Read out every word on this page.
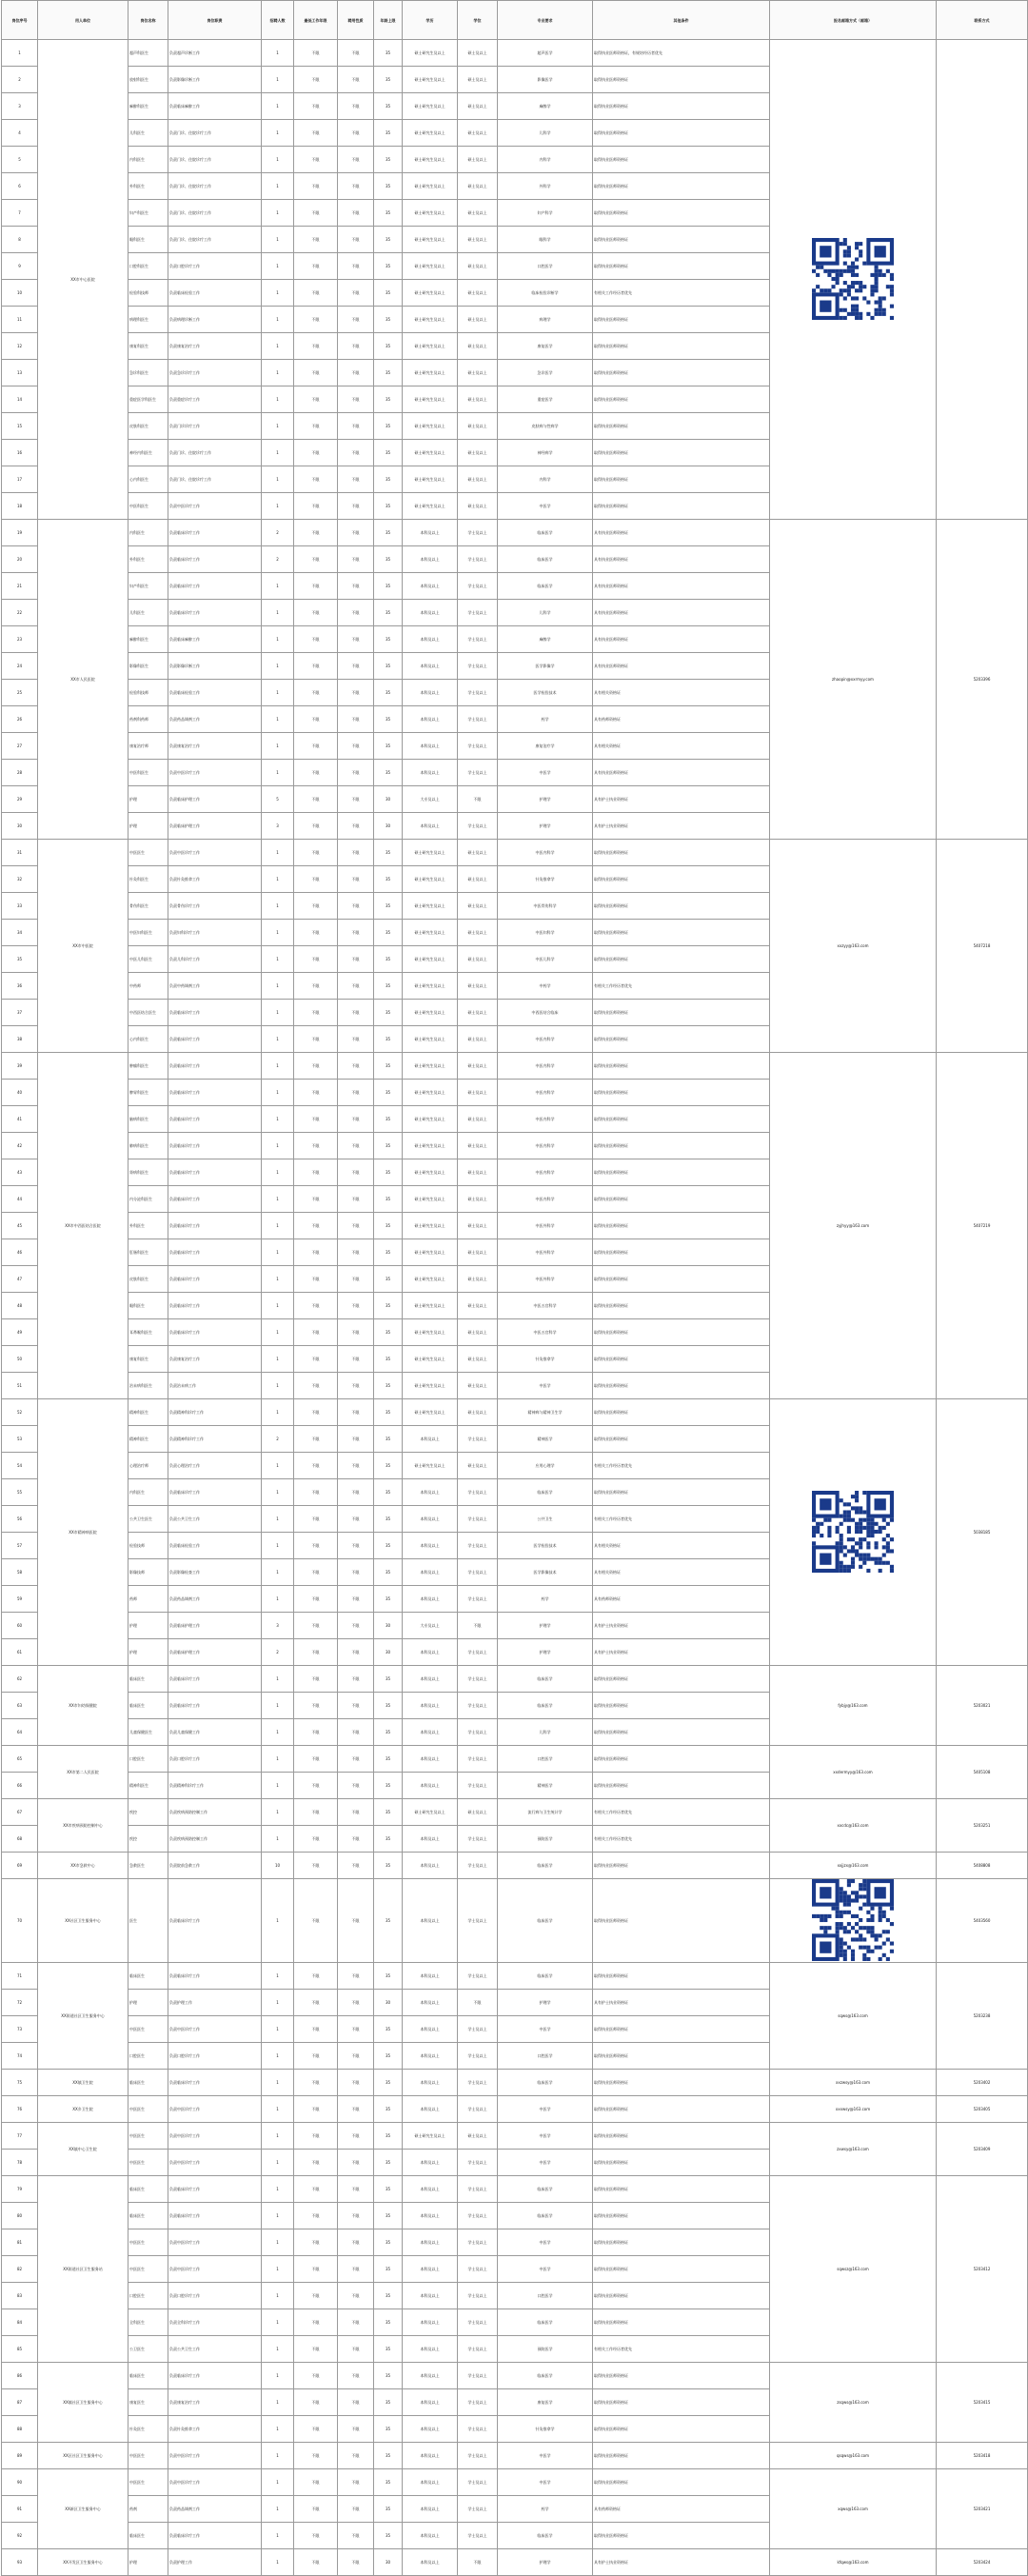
岗位序号	用人单位	岗位名称	岗位职责	招聘人数	最低工作年限	聘用性质	年龄上限	学历	学位	专业要求	其他条件	报名邮箱方式（邮箱）	联系方式
1	XX市中心医院	超声科医生	负责超声诊断工作	1	不限	不限	35	硕士研究生及以上	硕士及以上	超声医学	取得执业医师资格证，有规培经历者优先		
2		放射科医生	负责影像诊断工作	1	不限	不限	35	硕士研究生及以上	硕士及以上	影像医学	取得执业医师资格证		
3		麻醉科医生	负责临床麻醉工作	1	不限	不限	35	硕士研究生及以上	硕士及以上	麻醉学	取得执业医师资格证		
4		儿科医生	负责门诊、住院诊疗工作	1	不限	不限	35	硕士研究生及以上	硕士及以上	儿科学	取得执业医师资格证		
5		内科医生	负责门诊、住院诊疗工作	1	不限	不限	35	硕士研究生及以上	硕士及以上	内科学	取得执业医师资格证		
6		外科医生	负责门诊、住院诊疗工作	1	不限	不限	35	硕士研究生及以上	硕士及以上	外科学	取得执业医师资格证		
7		妇产科医生	负责门诊、住院诊疗工作	1	不限	不限	35	硕士研究生及以上	硕士及以上	妇产科学	取得执业医师资格证		
8		眼科医生	负责门诊、住院诊疗工作	1	不限	不限	35	硕士研究生及以上	硕士及以上	眼科学	取得执业医师资格证		
9		口腔科医生	负责口腔诊疗工作	1	不限	不限	35	硕士研究生及以上	硕士及以上	口腔医学	取得执业医师资格证		
10		检验科技师	负责临床检验工作	1	不限	不限	35	硕士研究生及以上	硕士及以上	临床检验诊断学	有相关工作经历者优先		
11		病理科医生	负责病理诊断工作	1	不限	不限	35	硕士研究生及以上	硕士及以上	病理学	取得执业医师资格证		
12		康复科医生	负责康复治疗工作	1	不限	不限	35	硕士研究生及以上	硕士及以上	康复医学	取得执业医师资格证		
13		急诊科医生	负责急诊诊疗工作	1	不限	不限	35	硕士研究生及以上	硕士及以上	急诊医学	取得执业医师资格证		
14		重症医学科医生	负责重症诊疗工作	1	不限	不限	35	硕士研究生及以上	硕士及以上	重症医学	取得执业医师资格证		
15		皮肤科医生	负责门诊诊疗工作	1	不限	不限	35	硕士研究生及以上	硕士及以上	皮肤病与性病学	取得执业医师资格证		
16		神经内科医生	负责门诊、住院诊疗工作	1	不限	不限	35	硕士研究生及以上	硕士及以上	神经病学	取得执业医师资格证		
17		心内科医生	负责门诊、住院诊疗工作	1	不限	不限	35	硕士研究生及以上	硕士及以上	内科学	取得执业医师资格证		
18		中医科医生	负责中医诊疗工作	1	不限	不限	35	硕士研究生及以上	硕士及以上	中医学	取得执业医师资格证		
19	XX市人民医院	内科医生	负责临床诊疗工作	2	不限	不限	35	本科及以上	学士及以上	临床医学	具有执业医师资格证	zhaopin@xxrmyy.com	5203396
20		外科医生	负责临床诊疗工作	2	不限	不限	35	本科及以上	学士及以上	临床医学	具有执业医师资格证		
21		妇产科医生	负责临床诊疗工作	1	不限	不限	35	本科及以上	学士及以上	临床医学	具有执业医师资格证		
22		儿科医生	负责临床诊疗工作	1	不限	不限	35	本科及以上	学士及以上	儿科学	具有执业医师资格证		
23		麻醉科医生	负责临床麻醉工作	1	不限	不限	35	本科及以上	学士及以上	麻醉学	具有执业医师资格证		
24		影像科医生	负责影像诊断工作	1	不限	不限	35	本科及以上	学士及以上	医学影像学	具有执业医师资格证		
25		检验科技师	负责临床检验工作	1	不限	不限	35	本科及以上	学士及以上	医学检验技术	具有相关资格证		
26		药剂科药师	负责药品调剂工作	1	不限	不限	35	本科及以上	学士及以上	药学	具有药师资格证		
27		康复治疗师	负责康复治疗工作	1	不限	不限	35	本科及以上	学士及以上	康复治疗学	具有相关资格证		
28		中医科医生	负责中医诊疗工作	1	不限	不限	35	本科及以上	学士及以上	中医学	具有执业医师资格证		
29		护理	负责临床护理工作	5	不限	不限	30	大专及以上	不限	护理学	具有护士执业资格证		
30		护理	负责临床护理工作	3	不限	不限	30	本科及以上	学士及以上	护理学	具有护士执业资格证		
31	XX市中医院	中医医生	负责中医诊疗工作	1	不限	不限	35	硕士研究生及以上	硕士及以上	中医内科学	取得执业医师资格证	xxzyy@163.com	5407218
32		针灸科医生	负责针灸推拿工作	1	不限	不限	35	硕士研究生及以上	硕士及以上	针灸推拿学	取得执业医师资格证		
33		骨伤科医生	负责骨伤诊疗工作	1	不限	不限	35	硕士研究生及以上	硕士及以上	中医骨伤科学	取得执业医师资格证		
34		中医妇科医生	负责妇科诊疗工作	1	不限	不限	35	硕士研究生及以上	硕士及以上	中医妇科学	取得执业医师资格证		
35		中医儿科医生	负责儿科诊疗工作	1	不限	不限	35	硕士研究生及以上	硕士及以上	中医儿科学	取得执业医师资格证		
36		中药师	负责中药调剂工作	1	不限	不限	35	硕士研究生及以上	硕士及以上	中药学	有相关工作经历者优先		
37		中西医结合医生	负责临床诊疗工作	1	不限	不限	35	硕士研究生及以上	硕士及以上	中西医结合临床	取得执业医师资格证		
38		心内科医生	负责临床诊疗工作	1	不限	不限	35	硕士研究生及以上	硕士及以上	中医内科学	取得执业医师资格证		
39	XX市中西医结合医院	肿瘤科医生	负责临床诊疗工作	1	不限	不限	35	硕士研究生及以上	硕士及以上	中医内科学	取得执业医师资格证	zyjhyy@163.com	5407219
40		脾胃科医生	负责临床诊疗工作	1	不限	不限	35	硕士研究生及以上	硕士及以上	中医内科学	取得执业医师资格证		
41		脑病科医生	负责临床诊疗工作	1	不限	不限	35	硕士研究生及以上	硕士及以上	中医内科学	取得执业医师资格证		
42		肺病科医生	负责临床诊疗工作	1	不限	不限	35	硕士研究生及以上	硕士及以上	中医内科学	取得执业医师资格证		
43		肾病科医生	负责临床诊疗工作	1	不限	不限	35	硕士研究生及以上	硕士及以上	中医内科学	取得执业医师资格证		
44		内分泌科医生	负责临床诊疗工作	1	不限	不限	35	硕士研究生及以上	硕士及以上	中医内科学	取得执业医师资格证		
45		外科医生	负责临床诊疗工作	1	不限	不限	35	硕士研究生及以上	硕士及以上	中医外科学	取得执业医师资格证		
46		肛肠科医生	负责临床诊疗工作	1	不限	不限	35	硕士研究生及以上	硕士及以上	中医外科学	取得执业医师资格证		
47		皮肤科医生	负责临床诊疗工作	1	不限	不限	35	硕士研究生及以上	硕士及以上	中医外科学	取得执业医师资格证		
48		眼科医生	负责临床诊疗工作	1	不限	不限	35	硕士研究生及以上	硕士及以上	中医五官科学	取得执业医师资格证		
49		耳鼻喉科医生	负责临床诊疗工作	1	不限	不限	35	硕士研究生及以上	硕士及以上	中医五官科学	取得执业医师资格证		
50		康复科医生	负责康复治疗工作	1	不限	不限	35	硕士研究生及以上	硕士及以上	针灸推拿学	取得执业医师资格证		
51		治未病科医生	负责治未病工作	1	不限	不限	35	硕士研究生及以上	硕士及以上	中医学	取得执业医师资格证		
52	XX市精神病医院	精神科医生	负责精神科诊疗工作	1	不限	不限	35	硕士研究生及以上	硕士及以上	精神病与精神卫生学	取得执业医师资格证		5038185
53		精神科医生	负责精神科诊疗工作	2	不限	不限	35	本科及以上	学士及以上	精神医学	取得执业医师资格证		
54		心理治疗师	负责心理治疗工作	1	不限	不限	35	硕士研究生及以上	硕士及以上	应用心理学	有相关工作经历者优先		
55		内科医生	负责临床诊疗工作	1	不限	不限	35	本科及以上	学士及以上	临床医学	取得执业医师资格证		
56		公共卫生医生	负责公共卫生工作	1	不限	不限	35	本科及以上	学士及以上	公共卫生	有相关工作经历者优先		
57		检验技师	负责临床检验工作	1	不限	不限	35	本科及以上	学士及以上	医学检验技术	具有相关资格证		
58		影像技师	负责影像检查工作	1	不限	不限	35	本科及以上	学士及以上	医学影像技术	具有相关资格证		
59		药师	负责药品调剂工作	1	不限	不限	35	本科及以上	学士及以上	药学	具有药师资格证		
60		护理	负责临床护理工作	3	不限	不限	30	大专及以上	不限	护理学	具有护士执业资格证		
61		护理	负责临床护理工作	2	不限	不限	30	本科及以上	学士及以上	护理学	具有护士执业资格证		
62	XX市妇幼保健院	临床医生	负责临床诊疗工作	1	不限	不限	35	本科及以上	学士及以上	临床医学	取得执业医师资格证	fybjy@163.com	5203021
63		临床医生	负责临床诊疗工作	1	不限	不限	35	本科及以上	学士及以上	临床医学	取得执业医师资格证		
64		儿童保健医生	负责儿童保健工作	1	不限	不限	35	本科及以上	学士及以上	儿科学	取得执业医师资格证		
65	XX市第二人民医院	口腔医生	负责口腔诊疗工作	1	不限	不限	35	本科及以上	学士及以上	口腔医学	取得执业医师资格证	xxdermyy@163.com	5405108
66		精神科医生	负责精神科诊疗工作	1	不限	不限	35	本科及以上	学士及以上	精神医学	取得执业医师资格证		
67	XX市疾病预防控制中心	疾控	负责疾病预防控制工作	1	不限	不限	35	硕士研究生及以上	硕士及以上	流行病与卫生统计学	有相关工作经历者优先	xxcdc@163.com	5203251
68		疾控	负责疾病预防控制工作	1	不限	不限	35	本科及以上	学士及以上	预防医学	有相关工作经历者优先		
69	XX市急救中心	急救医生	负责院前急救工作	10	不限	不限	35	本科及以上	学士及以上	临床医学	取得执业医师资格证	xxjjzx@163.com	5408808
70	XX社区卫生服务中心	医生	负责临床诊疗工作	1	不限	不限	35	本科及以上	学士及以上	临床医学	取得执业医师资格证		5403560
71	XX街道社区卫生服务中心	临床医生	负责临床诊疗工作	1	不限	不限	35	本科及以上	学士及以上	临床医学	取得执业医师资格证	sqws@163.com	5203238
72		护理	负责护理工作	1	不限	不限	30	本科及以上	不限	护理学	具有护士执业资格证		
73		中医医生	负责中医诊疗工作	1	不限	不限	35	本科及以上	学士及以上	中医学	取得执业医师资格证		
74		口腔医生	负责口腔诊疗工作	1	不限	不限	35	本科及以上	学士及以上	口腔医学	取得执业医师资格证		
75	XX镇卫生院	临床医生	负责临床诊疗工作	1	不限	不限	35	本科及以上	学士及以上	临床医学	取得执业医师资格证	xxzwsy@163.com	5203402
76	XX乡卫生院	中医医生	负责中医诊疗工作	1	不限	不限	35	本科及以上	学士及以上	中医学	取得执业医师资格证	xxxwsy@163.com	5203405
77	XX镇中心卫生院	中医医生	负责中医诊疗工作	1	不限	不限	35	硕士研究生及以上	硕士及以上	中医学	取得执业医师资格证	zxwsy@163.com	5203409
78		中医医生	负责中医诊疗工作	1	不限	不限	35	本科及以上	学士及以上	中医学	取得执业医师资格证		
79	XX街道社区卫生服务站	临床医生	负责临床诊疗工作	1	不限	不限	35	本科及以上	学士及以上	临床医学	取得执业医师资格证	sqwsz@163.com	5203412
80		临床医生	负责临床诊疗工作	1	不限	不限	35	本科及以上	学士及以上	临床医学	取得执业医师资格证		
81		中医医生	负责中医诊疗工作	1	不限	不限	35	本科及以上	学士及以上	中医学	取得执业医师资格证		
82		中医医生	负责中医诊疗工作	1	不限	不限	35	本科及以上	学士及以上	中医学	取得执业医师资格证		
83		口腔医生	负责口腔诊疗工作	1	不限	不限	35	本科及以上	学士及以上	口腔医学	取得执业医师资格证		
84		全科医生	负责全科诊疗工作	1	不限	不限	35	本科及以上	学士及以上	临床医学	取得执业医师资格证		
85		公卫医生	负责公共卫生工作	1	不限	不限	35	本科及以上	学士及以上	预防医学	有相关工作经历者优先		
86	XX镇社区卫生服务中心	临床医生	负责临床诊疗工作	1	不限	不限	35	本科及以上	学士及以上	临床医学	取得执业医师资格证	zsqws@163.com	5203415
87		康复医生	负责康复治疗工作	1	不限	不限	35	本科及以上	学士及以上	康复医学	取得执业医师资格证		
88		针灸医生	负责针灸推拿工作	1	不限	不限	35	本科及以上	学士及以上	针灸推拿学	取得执业医师资格证		
89	XX区社区卫生服务中心	中医医生	负责中医诊疗工作	1	不限	不限	35	本科及以上	学士及以上	中医学	取得执业医师资格证	qsqws@163.com	5203418
90	XX新区卫生服务中心	中医医生	负责中医诊疗工作	1	不限	不限	35	本科及以上	学士及以上	中医学	取得执业医师资格证	xqws@163.com	5203421
91		药剂	负责药品调剂工作	1	不限	不限	35	本科及以上	学士及以上	药学	具有药师资格证		
92		临床医生	负责临床诊疗工作	1	不限	不限	35	本科及以上	学士及以上	临床医学	取得执业医师资格证		
93	XX开发区卫生服务中心	护理	负责护理工作	1	不限	不限	30	本科及以上	不限	护理学	具有护士执业资格证	kfqws@163.com	5203424
